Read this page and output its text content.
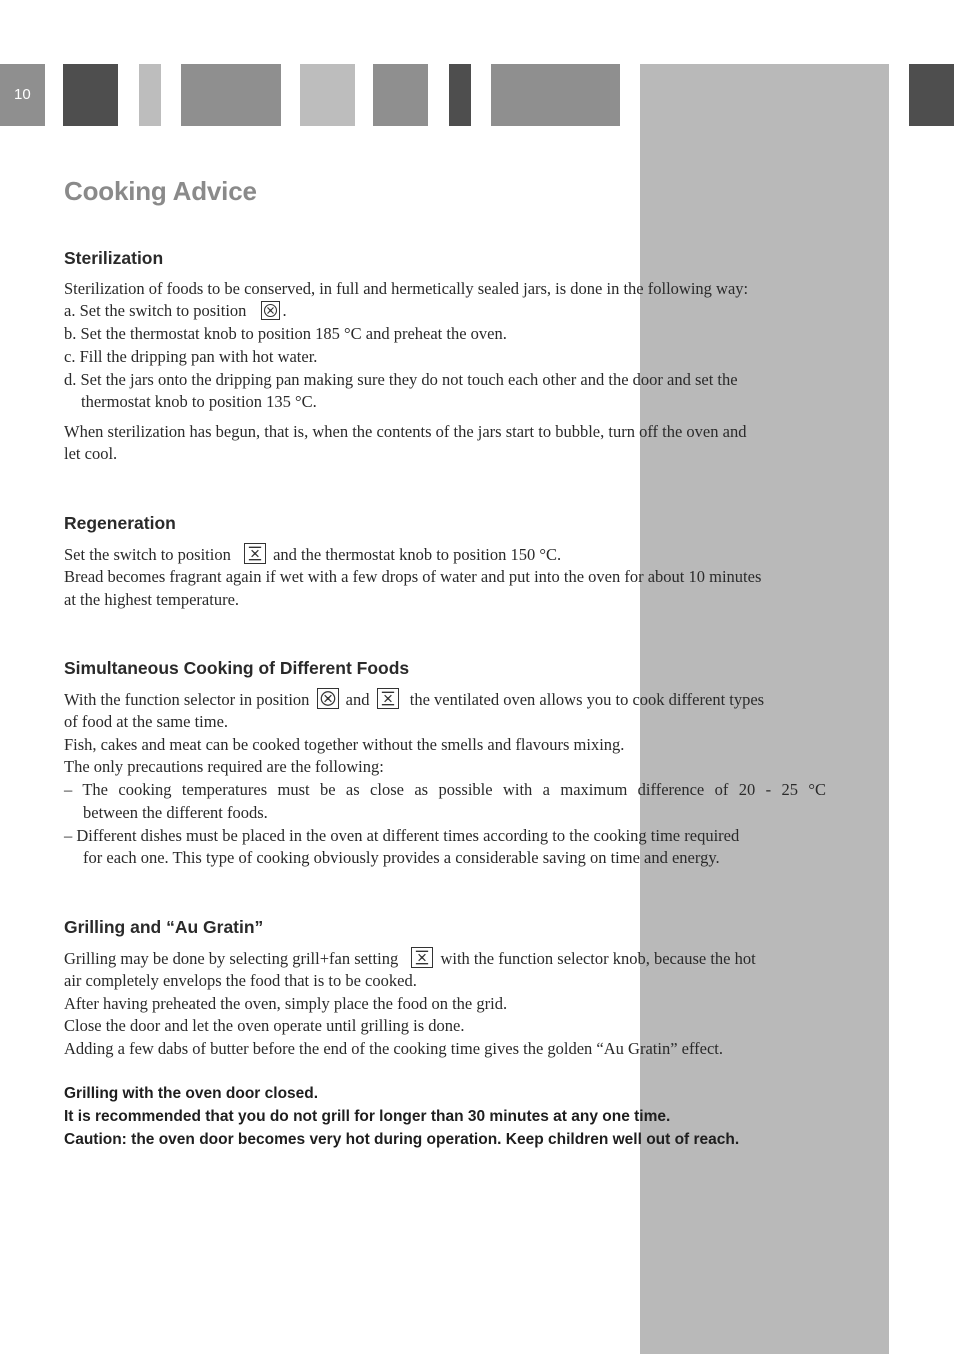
10
Cooking Advice
Sterilization
Sterilization of foods to be conserved, in full and hermetically sealed jars, is done in the following way:
a. Set the switch to position .
b. Set the thermostat knob to position 185 °C and preheat the oven.
c. Fill the dripping pan with hot water.
d. Set the jars onto the dripping pan making sure they do not touch each other and the door and set the
thermostat knob to position 135 °C.
When sterilization has begun, that is, when the contents of the jars start to bubble, turn off the oven and
let cool.
Regeneration
Set the switch to position	and the thermostat knob to position 150 °C.
Bread becomes fragrant again if wet with a few drops of water and put into the oven for about 10 minutes
at the highest temperature.
Simultaneous Cooking of Different Foods
With the function selector in position and the ventilated oven allows you to cook different types
of food at the same time.
Fish, cakes and meat can be cooked together without the smells and flavours mixing.
The only precautions required are the following:
– The cooking temperatures must be as close as possible with a maximum difference of 20 - 25 °C
between the different foods.
– Different dishes must be placed in the oven at different times according to the cooking time required
for each one. This type of cooking obviously provides a considerable saving on time and energy.
Grilling and “Au Gratin”
Grilling may be done by selecting grill+fan setting	with the function selector knob, because the hot
air completely envelops the food that is to be cooked.
After having preheated the oven, simply place the food on the grid.
Close the door and let the oven operate until grilling is done.
Adding a few dabs of butter before the end of the cooking time gives the golden “Au Gratin” effect.
Grilling with the oven door closed.
It is recommended that you do not grill for longer than 30 minutes at any one time.
Caution: the oven door becomes very hot during operation. Keep children well out of reach.
